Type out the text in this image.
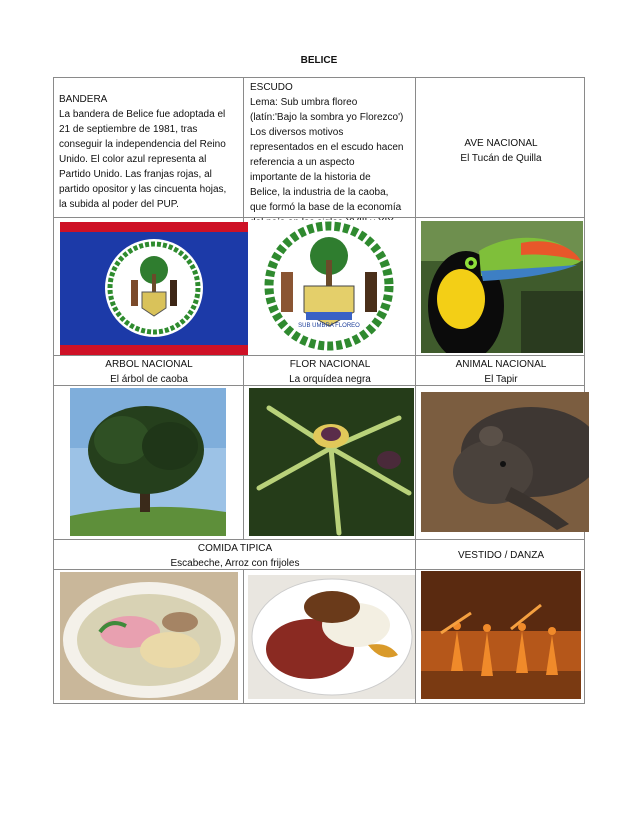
BELICE
BANDERA
La bandera de Belice fue adoptada el
21 de septiembre de 1981, tras
conseguir la independencia del Reino
Unido. El color azul representa al
Partido Unido. Las franjas rojas, al
partido opositor y las cincuenta hojas,
la subida al poder del PUP.
ESCUDO
Lema: Sub umbra floreo
(latín:'Bajo la sombra yo Florezco')
Los diversos motivos
representados en el escudo hacen
referencia a un aspecto
importante de la historia de
Belice, la industria de la caoba,
que formó la base de la economía
AVE NACIONAL
El Tucán de Quilla
SUB UMBRA FLOREO
ARBOL NACIONAL
El árbol de caoba
FLOR NACIONAL
La orquídea negra
ANIMAL NACIONAL
El Tapir
COMIDA TIPICA
Escabeche, Arroz con frijoles
VESTIDO / DANZA
